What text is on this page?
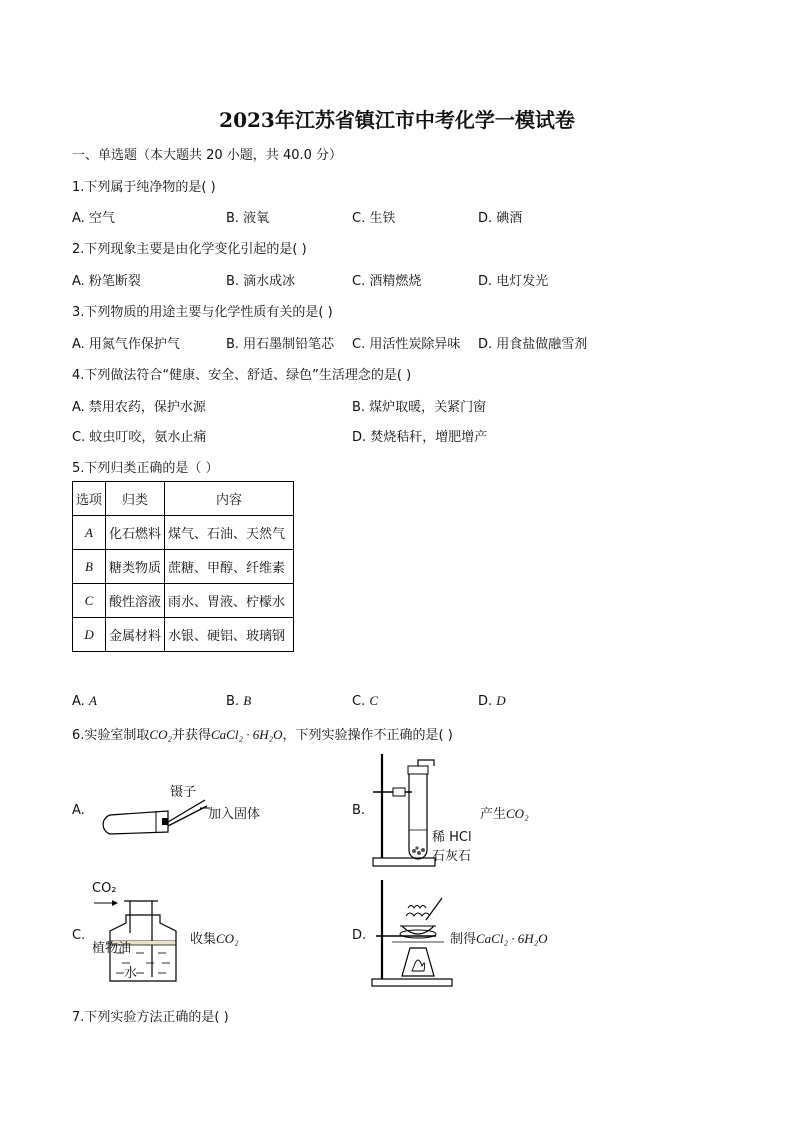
2023年江苏省镇江市中考化学一模试卷
一、单选题（本大题共 20 小题，共 40.0 分）
1.下列属于纯净物的是( )
A. 空气	B. 液氧	C. 生铁	D. 碘酒
2.下列现象主要是由化学变化引起的是( )
A. 粉笔断裂	B. 滴水成冰	C. 酒精燃烧	D. 电灯发光
3.下列物质的用途主要与化学性质有关的是( )
A. 用氮气作保护气	B. 用石墨制铅笔芯 C. 用活性炭除异味 D. 用食盐做融雪剂
4.下列做法符合“健康、安全、舒适、绿色”生活理念的是( )
A. 禁用农药，保护水源	B. 煤炉取暖，关紧门窗
C. 蚊虫叮咬，氨水止痛	D. 焚烧秸秆，增肥增产
5.下列归类正确的是（ ）
选项	归类	内容
A	化石燃料	煤气、石油、天然气
B	糖类物质	蔗糖、甲醇、纤维素
C	酸性溶液	雨水、胃液、柠檬水
D	金属材料	水银、硬铝、玻璃钢
A. A	B. B	C. C	D. D
6.实验室制取CO₂并获得CaCl₂ · 6H₂O，下列实验操作不正确的是( )
A.
镊子
加入固体	B.	产生CO₂
稀 HCl
石灰石
CO₂
C.	收集CO₂
植物油
水
D.	制得CaCl₂ · 6H₂O
7.下列实验方法正确的是( )
